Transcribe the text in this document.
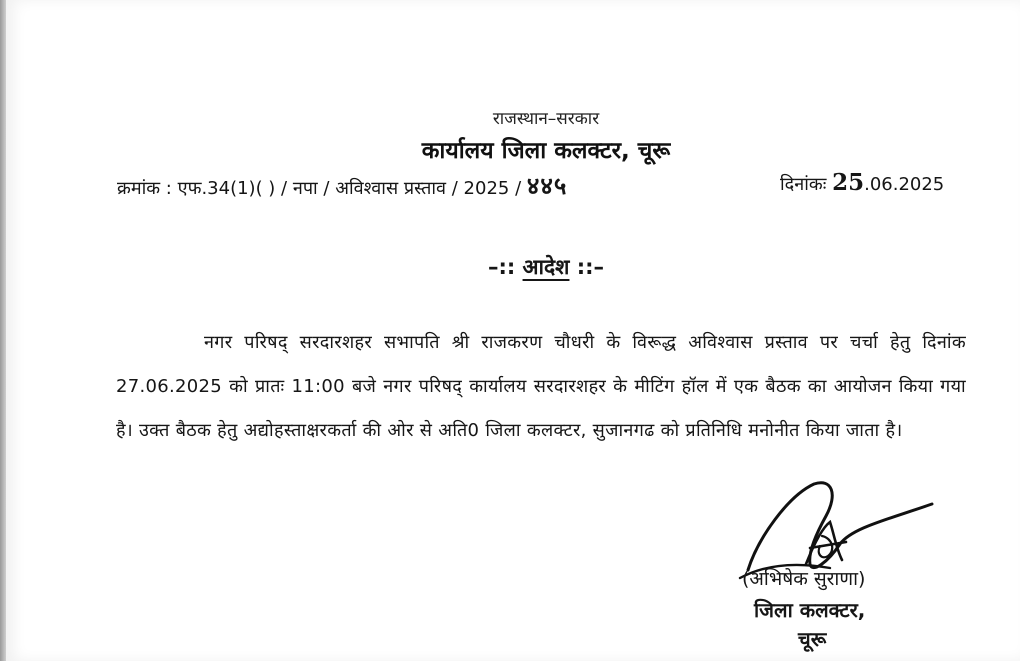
राजस्थान–सरकार
कार्यालय जिला कलक्टर, चूरू
क्रमांक : एफ.34(1)( ) / नपा / अविश्वास प्रस्ताव / 2025 / ४४५	दिनांकः 25.06.2025
–:: आदेश ::–
नगर परिषद् सरदारशहर सभापति श्री राजकरण चौधरी के विरूद्ध अविश्वास प्रस्ताव पर चर्चा हेतु दिनांक 27.06.2025 को प्रातः 11:00 बजे नगर परिषद् कार्यालय सरदारशहर के मीटिंग हॉल में एक बैठक का आयोजन किया गया है। उक्त बैठक हेतु अद्योहस्ताक्षरकर्ता की ओर से अति0 जिला कलक्टर, सुजानगढ को प्रतिनिधि मनोनीत किया जाता है।
(अभिषेक सुराणा)
जिला कलक्टर,
चूरू
